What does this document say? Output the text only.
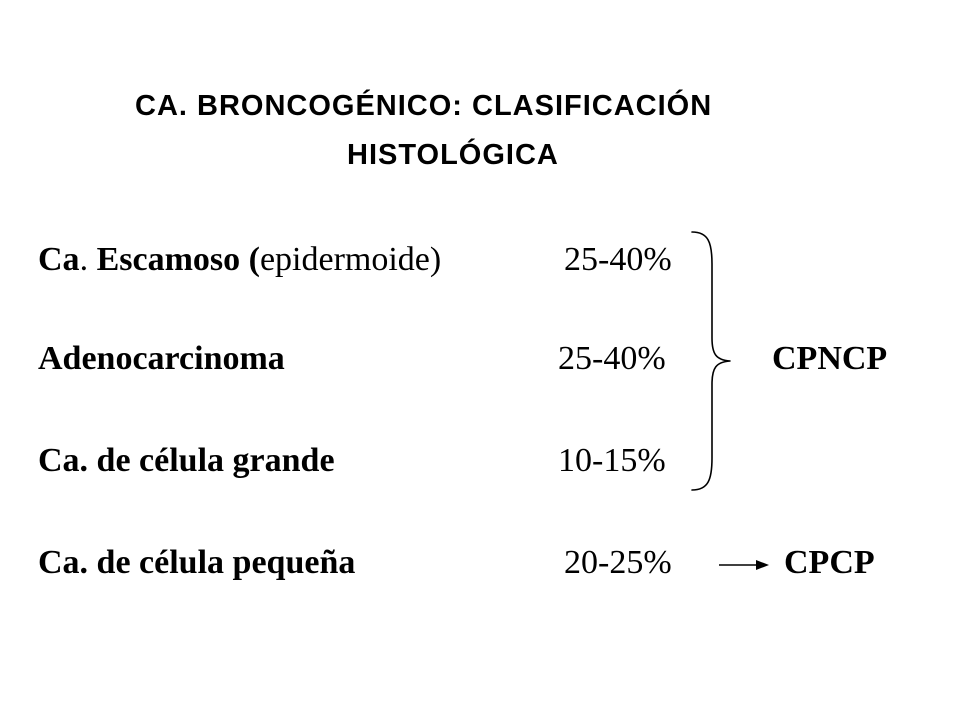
CA. BRONCOGÉNICO: CLASIFICACIÓN
HISTOLÓGICA
Ca. Escamoso (epidermoide)	25-40%
Adenocarcinoma	25-40%	CPNCP
Ca. de célula grande	10-15%
Ca. de célula pequeña	20-25%	CPCP
